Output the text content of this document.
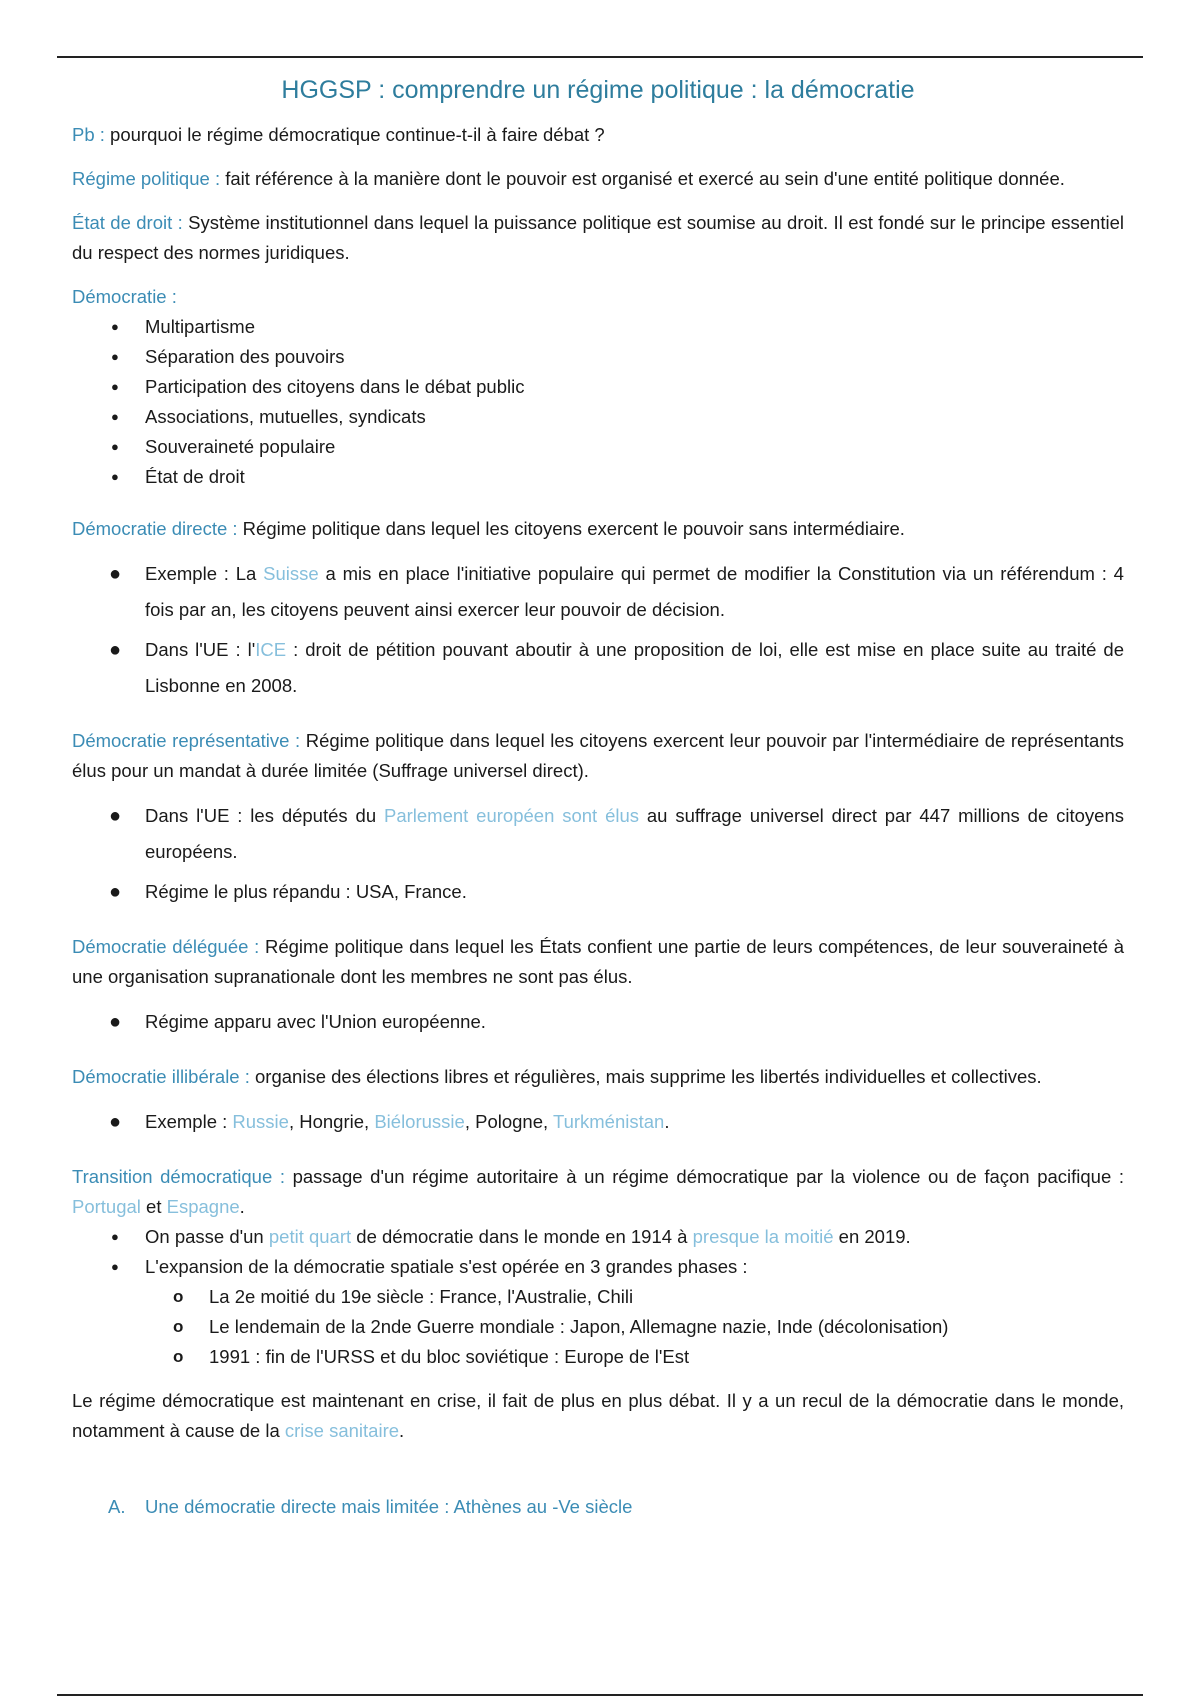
HGGSP : comprendre un régime politique : la démocratie

Pb : pourquoi le régime démocratique continue-t-il à faire débat ?

Régime politique : fait référence à la manière dont le pouvoir est organisé et exercé au sein d'une entité politique donnée.

État de droit : Système institutionnel dans lequel la puissance politique est soumise au droit. Il est fondé sur le principe essentiel du respect des normes juridiques.

Démocratie :

● Multipartisme
● Séparation des pouvoirs
● Participation des citoyens dans le débat public
● Associations, mutuelles, syndicats
● Souveraineté populaire
● État de droit

Démocratie directe : Régime politique dans lequel les citoyens exercent le pouvoir sans intermédiaire.

● Exemple : La Suisse a mis en place l'initiative populaire qui permet de modifier la Constitution via un référendum : 4 fois par an, les citoyens peuvent ainsi exercer leur pouvoir de décision.
● Dans l'UE : l'ICE : droit de pétition pouvant aboutir à une proposition de loi, elle est mise en place suite au traité de Lisbonne en 2008.

Démocratie représentative : Régime politique dans lequel les citoyens exercent leur pouvoir par l'intermédiaire de représentants élus pour un mandat à durée limitée (Suffrage universel direct).

● Dans l'UE : les députés du Parlement européen sont élus au suffrage universel direct par 447 millions de citoyens européens.
● Régime le plus répandu : USA, France.

Démocratie déléguée : Régime politique dans lequel les États confient une partie de leurs compétences, de leur souveraineté à une organisation supranationale dont les membres ne sont pas élus.

● Régime apparu avec l'Union européenne.

Démocratie illibérale : organise des élections libres et régulières, mais supprime les libertés individuelles et collectives.

● Exemple : Russie, Hongrie, Biélorussie, Pologne, Turkménistan.

Transition démocratique : passage d'un régime autoritaire à un régime démocratique par la violence ou de façon pacifique : Portugal et Espagne.

● On passe d'un petit quart de démocratie dans le monde en 1914 à presque la moitié en 2019.
● L'expansion de la démocratie spatiale s'est opérée en 3 grandes phases :
o La 2e moitié du 19e siècle : France, l'Australie, Chili
o Le lendemain de la 2nde Guerre mondiale : Japon, Allemagne nazie, Inde (décolonisation)
o 1991 : fin de l'URSS et du bloc soviétique : Europe de l'Est

Le régime démocratique est maintenant en crise, il fait de plus en plus débat. Il y a un recul de la démocratie dans le monde, notamment à cause de la crise sanitaire.

A. Une démocratie directe mais limitée : Athènes au -Ve siècle
